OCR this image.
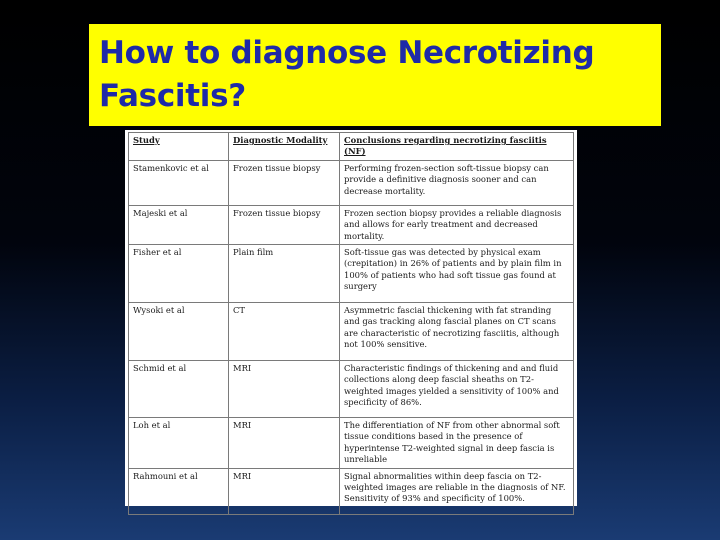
How to diagnose Necrotizing

Fascitis?

Study	Diagnostic Modality	Conclusions regarding necrotizing fasciitis (NF)
Stamenkovic et al	Frozen tissue biopsy	Performing frozen-section soft-tissue biopsy can provide a definitive diagnosis sooner and can decrease mortality.
Majeski et al	Frozen tissue biopsy	Frozen section biopsy provides a reliable diagnosis and allows for early treatment and decreased mortality.
Fisher et al	Plain film	Soft-tissue gas was detected by physical exam (crepitation) in 26% of patients and by plain film in 100% of patients who had soft tissue gas found at surgery
Wysoki et al	CT	Asymmetric fascial thickening with fat stranding and gas tracking along fascial planes on CT scans are characteristic of necrotizing fasciitis, although not 100% sensitive.
Schmid et al	MRI	Characteristic findings of thickening and and fluid collections along deep fascial sheaths on T2-weighted images yielded a sensitivity of 100% and specificity of 86%.
Loh et al	MRI	The differentiation of NF from other abnormal soft tissue conditions based in the presence of hyperintense T2-weighted signal in deep fascia is unreliable
Rahmouni et al	MRI	Signal abnormalities within deep fascia on T2-weighted images are reliable in the diagnosis of NF. Sensitivity of 93% and specificity of 100%.
